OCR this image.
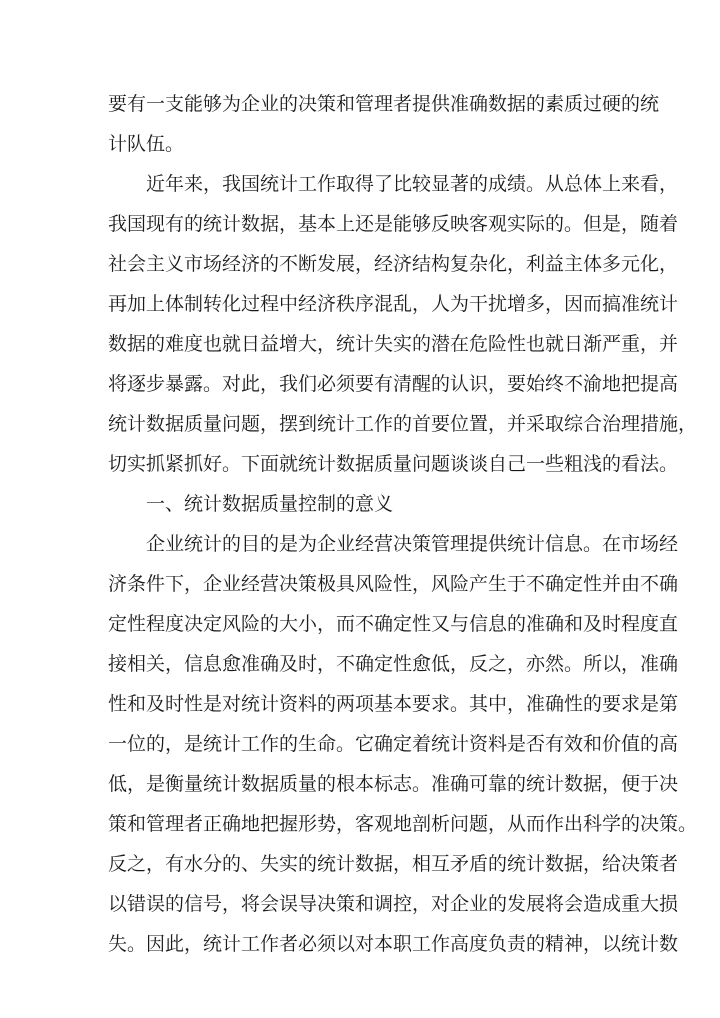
要有一支能够为企业的决策和管理者提供准确数据的素质过硬的统
计队伍。
近年来，我国统计工作取得了比较显著的成绩。从总体上来看，
我国现有的统计数据，基本上还是能够反映客观实际的。但是，随着
社会主义市场经济的不断发展，经济结构复杂化，利益主体多元化，
再加上体制转化过程中经济秩序混乱，人为干扰增多，因而搞准统计
数据的难度也就日益增大，统计失实的潜在危险性也就日渐严重，并
将逐步暴露。对此，我们必须要有清醒的认识，要始终不渝地把提高
统计数据质量问题，摆到统计工作的首要位置，并采取综合治理措施，
切实抓紧抓好。下面就统计数据质量问题谈谈自己一些粗浅的看法。
一、统计数据质量控制的意义
企业统计的目的是为企业经营决策管理提供统计信息。在市场经
济条件下，企业经营决策极具风险性，风险产生于不确定性并由不确
定性程度决定风险的大小，而不确定性又与信息的准确和及时程度直
接相关，信息愈准确及时，不确定性愈低，反之，亦然。所以，准确
性和及时性是对统计资料的两项基本要求。其中，准确性的要求是第
一位的，是统计工作的生命。它确定着统计资料是否有效和价值的高
低，是衡量统计数据质量的根本标志。准确可靠的统计数据，便于决
策和管理者正确地把握形势，客观地剖析问题，从而作出科学的决策。
反之，有水分的、失实的统计数据，相互矛盾的统计数据，给决策者
以错误的信号，将会误导决策和调控，对企业的发展将会造成重大损
失。因此，统计工作者必须以对本职工作高度负责的精神，以统计数
